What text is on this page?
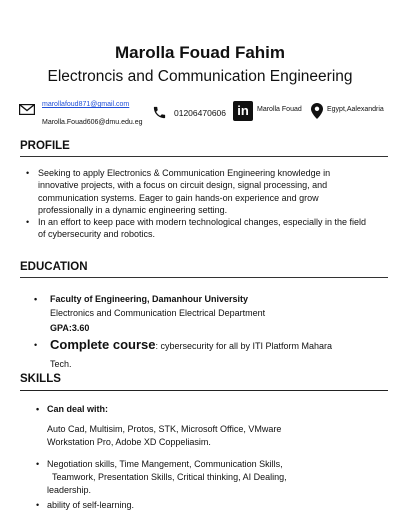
Marolla Fouad Fahim
Electroncis and Communication Engineering
marollafoud871@gmail.com
Marolla.Fouad606@dmu.edu.eg
01206470606 in	Marolla Fouad	Egypt,Aalexandria
PROFILE
• Seeking to apply Electronics & Communication Engineering knowledge in innovative projects, with a focus on circuit design, signal processing, and communication systems. Eager to gain hands-on experience and grow professionally in a dynamic engineering setting.
• In an effort to keep pace with modern technological changes, especially in the field of cybersecurity and robotics.
EDUCATION
• Faculty of Engineering, Damanhour University
Electronics and Communication Electrical Department
GPA:3.60
• Complete course: cybersecurity for all by ITI Platform Mahara
Tech.
SKILLS
• Can deal with:
Auto Cad, Multisim, Protos, STK, Microsoft Office, VMware
Workstation Pro, Adobe XD Coppeliasim.
• Negotiation skills, Time Mangement, Communication Skills,
Teamwork, Presentation Skills, Critical thinking, AI Dealing,
leadership.
• ability of self-learning.
